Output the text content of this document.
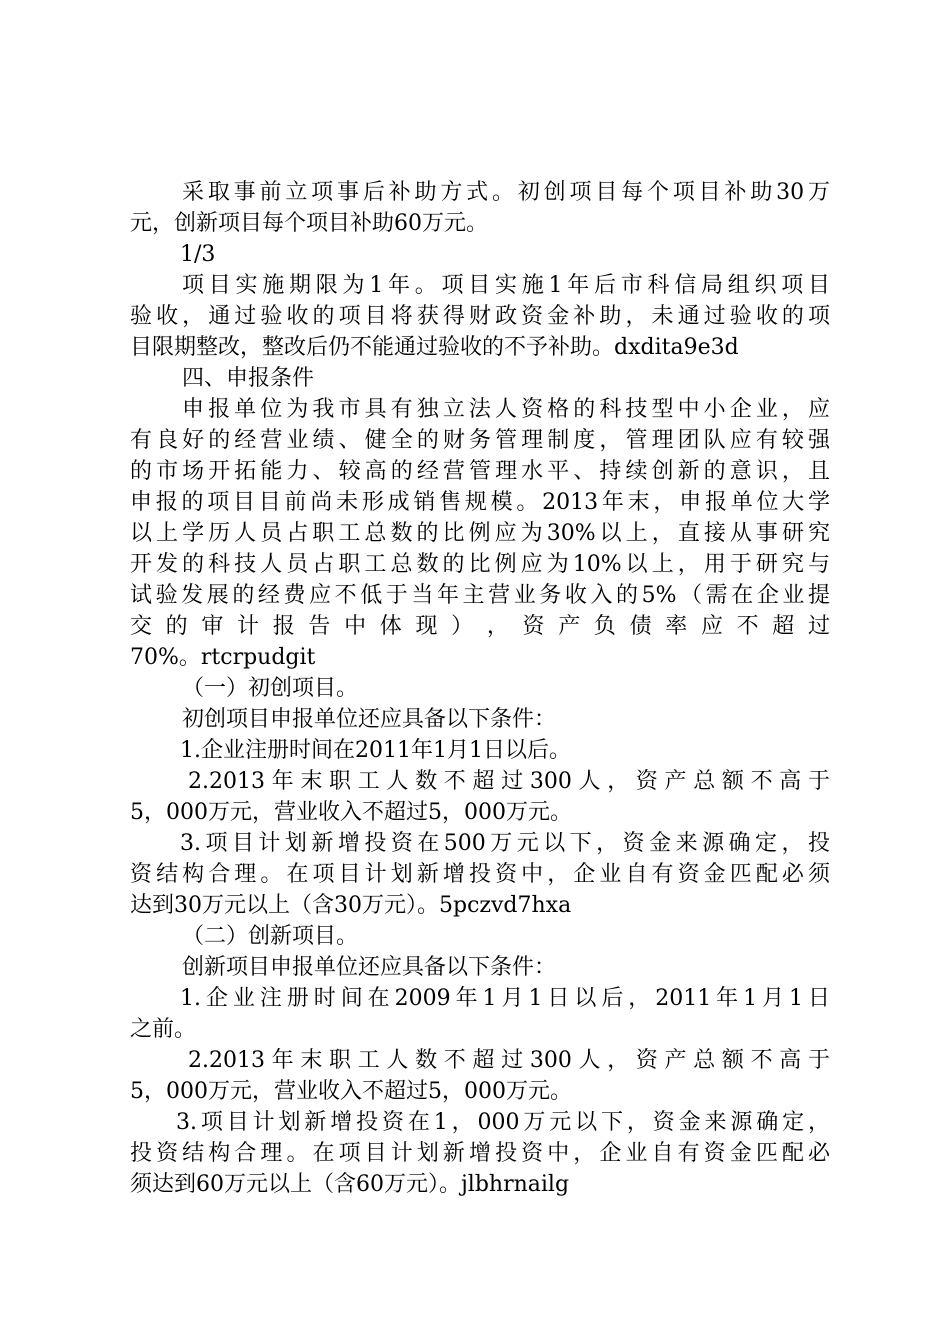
采取事前立项事后补助方式。初创项目每个项目补助30万
元，创新项目每个项目补助60万元。
1/3
项目实施期限为1年。项目实施1年后市科信局组织项目
验收，通过验收的项目将获得财政资金补助，未通过验收的项
目限期整改，整改后仍不能通过验收的不予补助。dxdita9e3d
四、申报条件
申报单位为我市具有独立法人资格的科技型中小企业，应
有良好的经营业绩、健全的财务管理制度，管理团队应有较强
的市场开拓能力、较高的经营管理水平、持续创新的意识，且
申报的项目目前尚未形成销售规模。2013年末，申报单位大学
以上学历人员占职工总数的比例应为30%以上，直接从事研究
开发的科技人员占职工总数的比例应为10%以上，用于研究与
试验发展的经费应不低于当年主营业务收入的5%（需在企业提
交 的 审 计 报 告 中 体 现 ） ， 资 产 负 债 率 应 不 超 过
70%。rtcrpudgit
（一）初创项目。
初创项目申报单位还应具备以下条件：
1.企业注册时间在2011年1月1日以后。
2.2013年末职工人数不超过300人，资产总额不高于
5，000万元，营业收入不超过5，000万元。
3.项目计划新增投资在500万元以下，资金来源确定，投
资结构合理。在项目计划新增投资中，企业自有资金匹配必须
达到30万元以上（含30万元）。5pczvd7hxa
（二）创新项目。
创新项目申报单位还应具备以下条件：
1.企业注册时间在2009年1月1日以后，2011年1月1日
之前。
2.2013年末职工人数不超过300人，资产总额不高于
5，000万元，营业收入不超过5，000万元。
3.项目计划新增投资在1，000万元以下，资金来源确定，
投资结构合理。在项目计划新增投资中，企业自有资金匹配必
须达到60万元以上（含60万元）。jlbhrnailg
